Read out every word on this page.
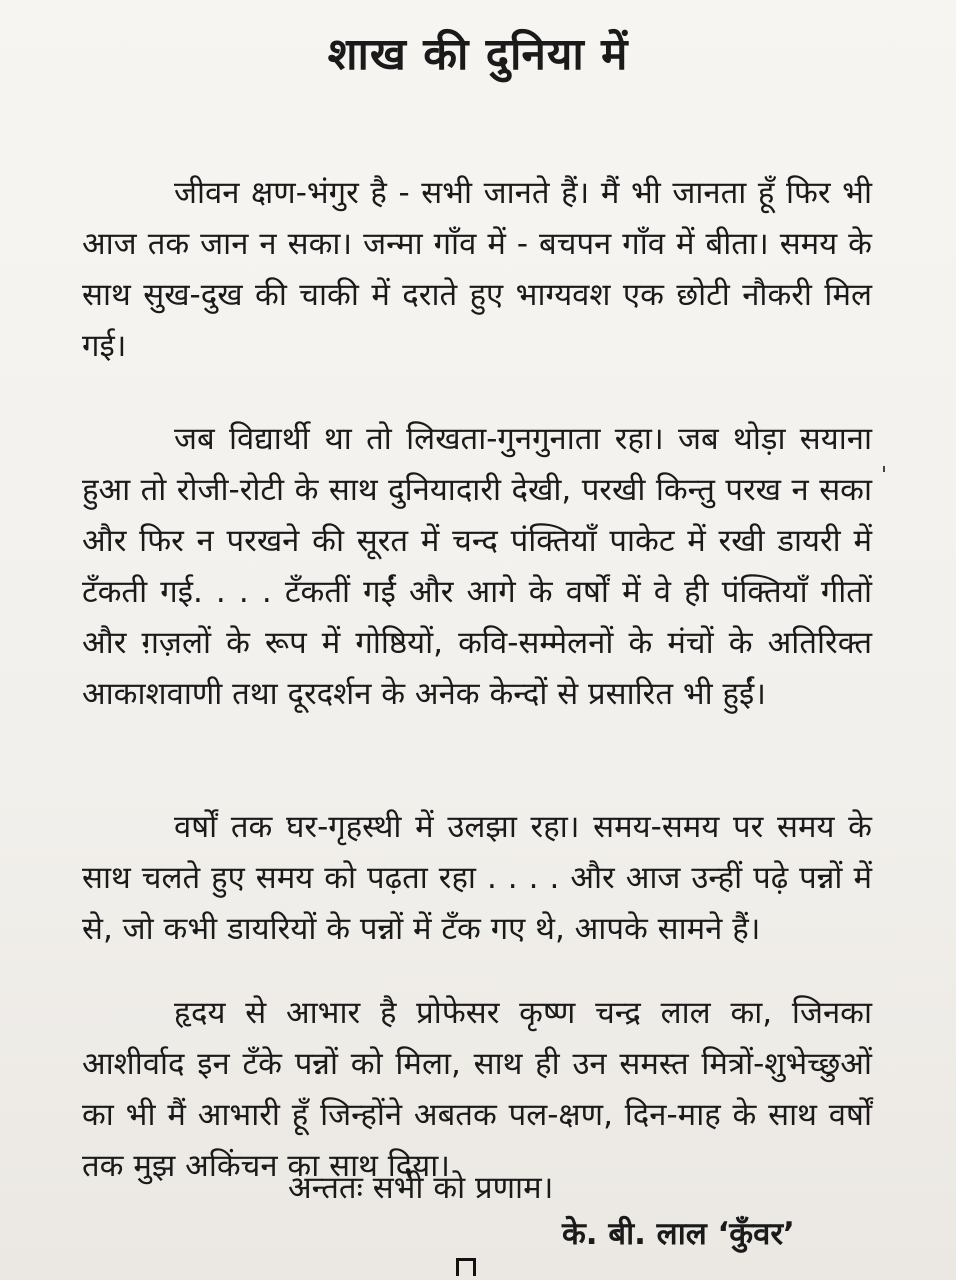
शाख की दुनिया में

जीवन क्षण-भंगुर है - सभी जानते हैं। मैं भी जानता हूँ फिर भी आज तक जान न सका। जन्मा गाँव में - बचपन गाँव में बीता। समय के साथ सुख-दुख की चाकी में दराते हुए भाग्यवश एक छोटी नौकरी मिल गई।

जब विद्यार्थी था तो लिखता-गुनगुनाता रहा। जब थोड़ा सयाना हुआ तो रोजी-रोटी के साथ दुनियादारी देखी, परखी किन्तु परख न सका और फिर न परखने की सूरत में चन्द पंक्तियाँ पाकेट में रखी डायरी में टँकती गई. . . . टँकतीं गईं और आगे के वर्षों में वे ही पंक्तियाँ गीतों और ग़ज़लों के रूप में गोष्ठियों, कवि-सम्मेलनों के मंचों के अतिरिक्त आकाशवाणी तथा दूरदर्शन के अनेक केन्दों से प्रसारित भी हुईं।

वर्षों तक घर-गृहस्थी में उलझा रहा। समय-समय पर समय के साथ चलते हुए समय को पढ़ता रहा . . . . और आज उन्हीं पढ़े पन्नों में से, जो कभी डायरियों के पन्नों में टँक गए थे, आपके सामने हैं।

हृदय से आभार है प्रोफेसर कृष्ण चन्द्र लाल का, जिनका आशीर्वाद इन टँके पन्नों को मिला, साथ ही उन समस्त मित्रों-शुभेच्छुओं का भी मैं आभारी हूँ जिन्होंने अबतक पल-क्षण, दिन-माह के साथ वर्षों तक मुझ अकिंचन का साथ दिया।

अन्ततः सभी को प्रणाम।
के. बी. लाल ‘कुँवर’
